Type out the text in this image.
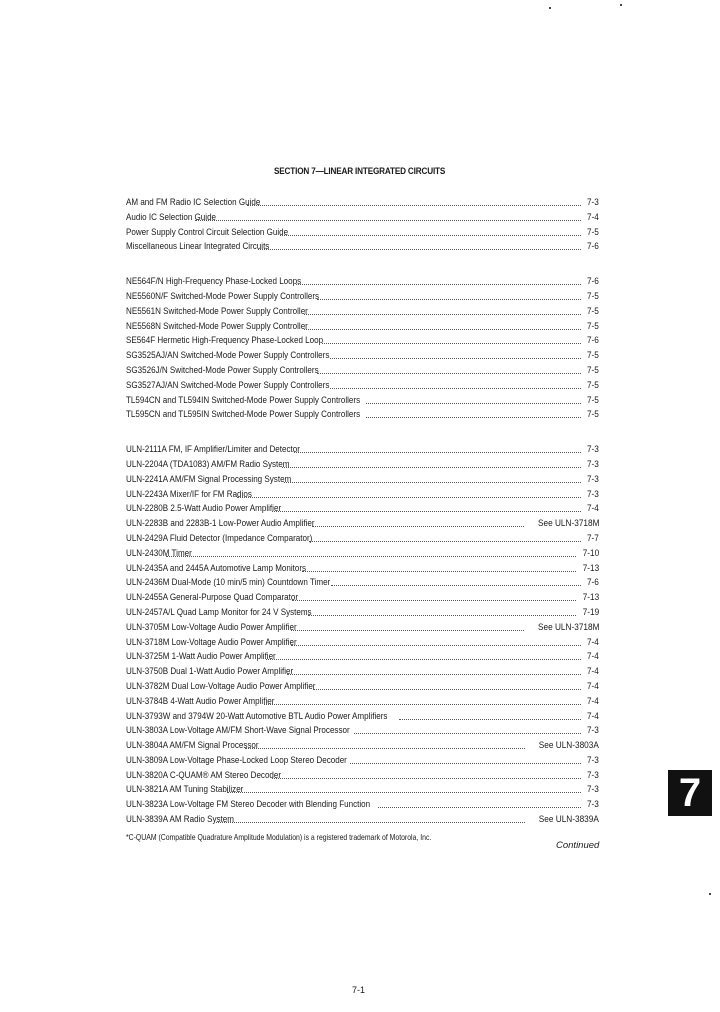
SECTION 7—LINEAR INTEGRATED CIRCUITS
AM and FM Radio IC Selection Guide	7-3
Audio IC Selection Guide	7-4
Power Supply Control Circuit Selection Guide	7-5
Miscellaneous Linear Integrated Circuits	7-6
NE564F/N High-Frequency Phase-Locked Loops	7-6
NE5560N/F Switched-Mode Power Supply Controllers	7-5
NE5561N Switched-Mode Power Supply Controller	7-5
NE5568N Switched-Mode Power Supply Controller	7-5
SE564F Hermetic High-Frequency Phase-Locked Loop	7-6
SG3525AJ/AN Switched-Mode Power Supply Controllers	7-5
SG3526J/N Switched-Mode Power Supply Controllers	7-5
SG3527AJ/AN Switched-Mode Power Supply Controllers	7-5
TL594CN and TL594IN Switched-Mode Power Supply Controllers	7-5
TL595CN and TL595IN Switched-Mode Power Supply Controllers	7-5
ULN-2111A FM, IF Amplifier/Limiter and Detector	7-3
ULN-2204A (TDA1083) AM/FM Radio System	7-3
ULN-2241A AM/FM Signal Processing System	7-3
ULN-2243A Mixer/IF for FM Radios	7-3
ULN-2280B 2.5-Watt Audio Power Amplifier	7-4
ULN-2283B and 2283B-1 Low-Power Audio Amplifier	See ULN-3718M
ULN-2429A Fluid Detector (Impedance Comparator)	7-7
ULN-2430M Timer	7-10
ULN-2435A and 2445A Automotive Lamp Monitors	7-13
ULN-2436M Dual-Mode (10 min/5 min) Countdown Timer	7-6
ULN-2455A General-Purpose Quad Comparator	7-13
ULN-2457A/L Quad Lamp Monitor for 24 V Systems	7-19
ULN-3705M Low-Voltage Audio Power Amplifier	See ULN-3718M
ULN-3718M Low-Voltage Audio Power Amplifier	7-4
ULN-3725M 1-Watt Audio Power Amplifier	7-4
ULN-3750B Dual 1-Watt Audio Power Amplifier	7-4
ULN-3782M Dual Low-Voltage Audio Power Amplifier	7-4
ULN-3784B 4-Watt Audio Power Amplifier	7-4
ULN-3793W and 3794W 20-Watt Automotive BTL Audio Power Amplifiers	7-4
ULN-3803A Low-Voltage AM/FM Short-Wave Signal Processor	7-3
ULN-3804A AM/FM Signal Processor	See ULN-3803A
ULN-3809A Low-Voltage Phase-Locked Loop Stereo Decoder	7-3
ULN-3820A C-QUAM® AM Stereo Decoder	7-3
ULN-3821A AM Tuning Stabilizer	7-3
ULN-3823A Low-Voltage FM Stereo Decoder with Blending Function	7-3
ULN-3839A AM Radio System	See ULN-3839A
*C-QUAM (Compatible Quadrature Amplitude Modulation) is a registered trademark of Motorola, Inc.
Continued
7
7-1
